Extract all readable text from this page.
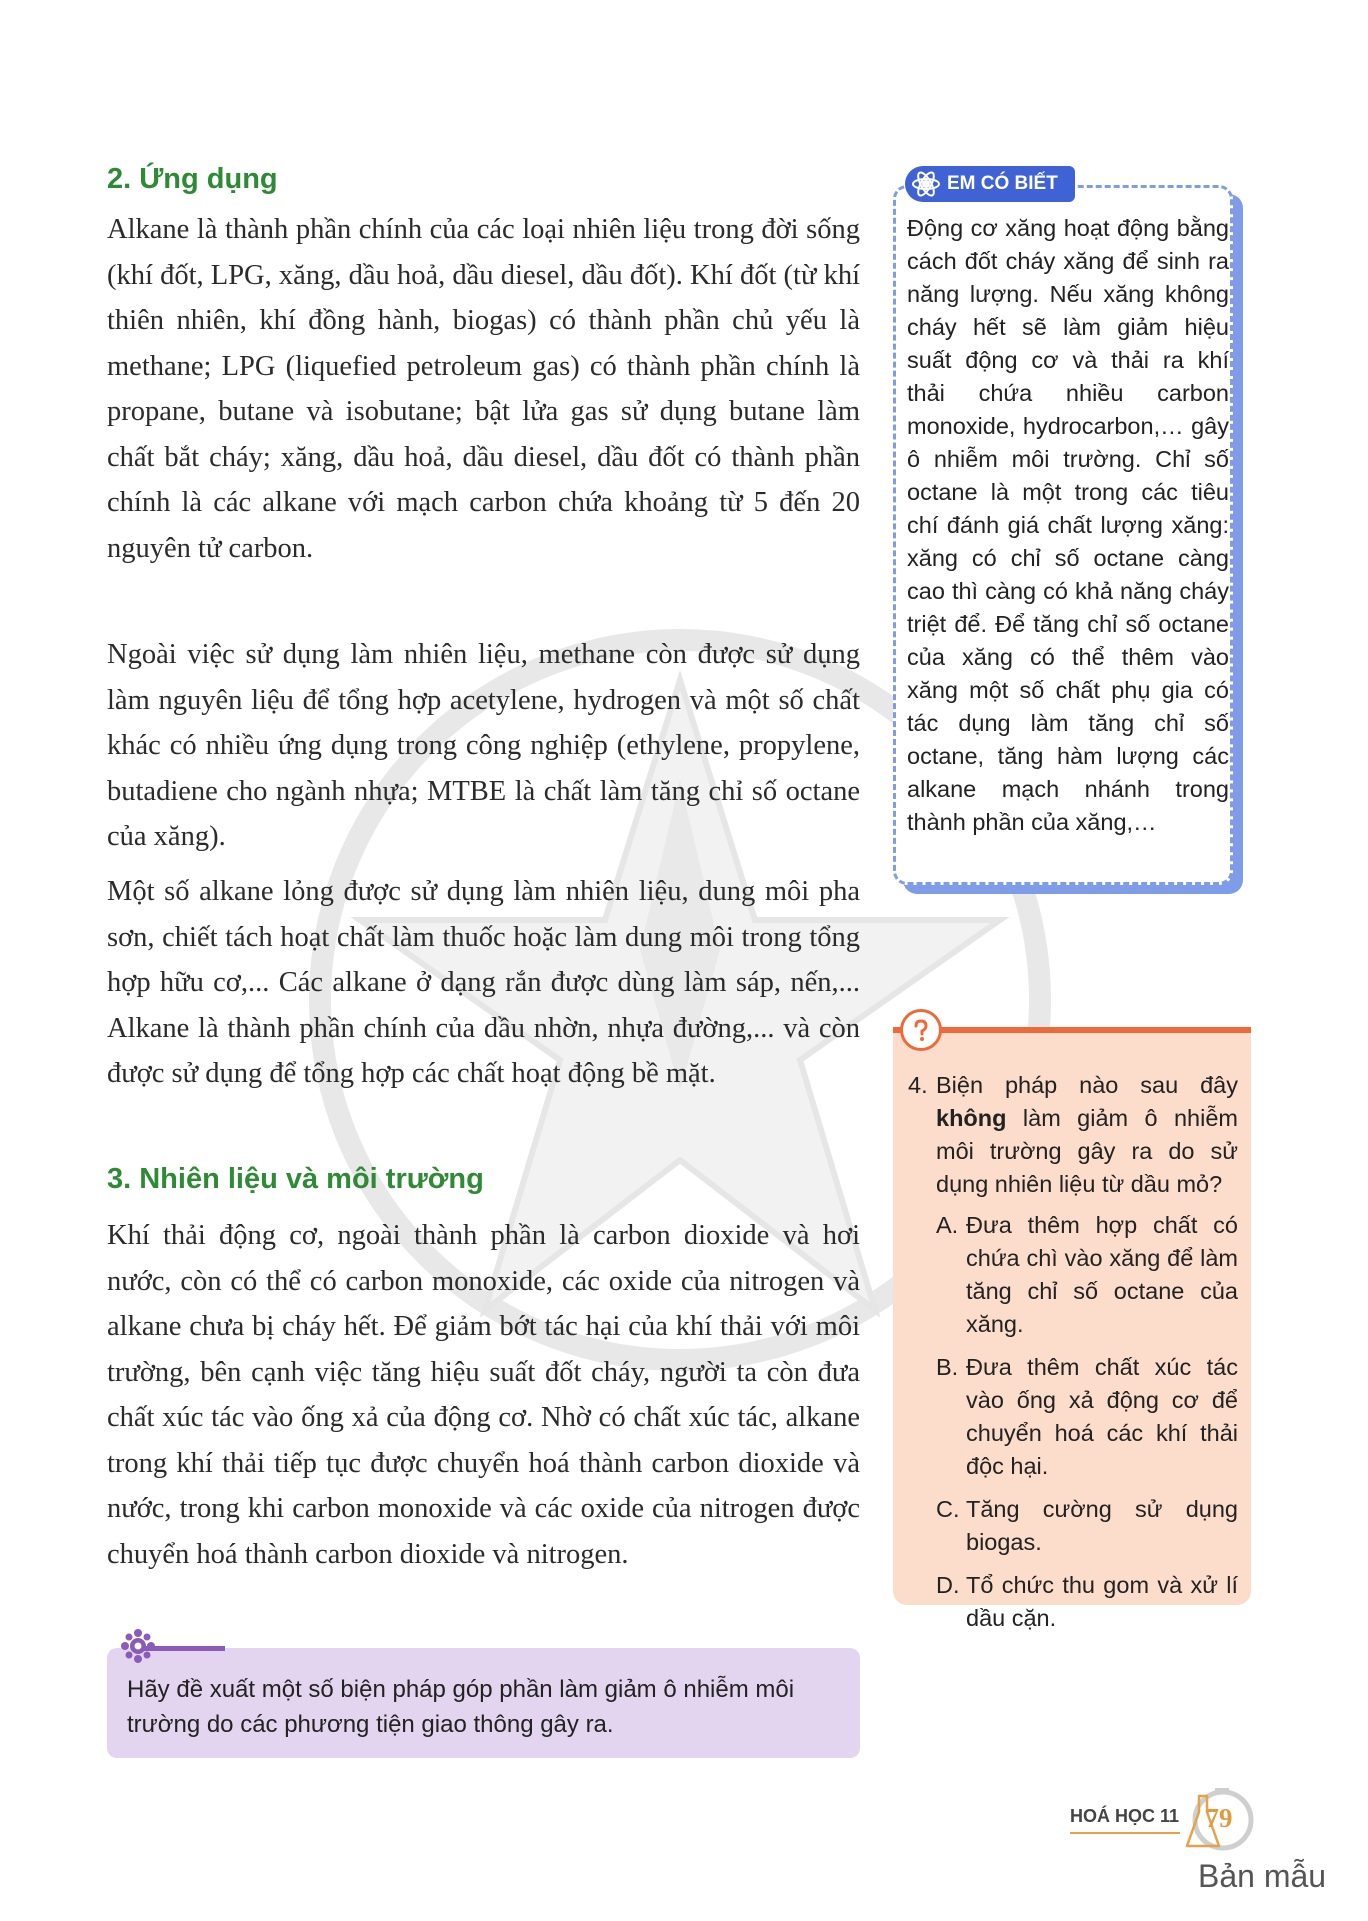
2. Ứng dụng

Alkane là thành phần chính của các loại nhiên liệu trong đời sống (khí đốt, LPG, xăng, dầu hoả, dầu diesel, dầu đốt). Khí đốt (từ khí thiên nhiên, khí đồng hành, biogas) có thành phần chủ yếu là methane; LPG (liquefied petroleum gas) có thành phần chính là propane, butane và isobutane; bật lửa gas sử dụng butane làm chất bắt cháy; xăng, dầu hoả, dầu diesel, dầu đốt có thành phần chính là các alkane với mạch carbon chứa khoảng từ 5 đến 20 nguyên tử carbon.

Ngoài việc sử dụng làm nhiên liệu, methane còn được sử dụng làm nguyên liệu để tổng hợp acetylene, hydrogen và một số chất khác có nhiều ứng dụng trong công nghiệp (ethylene, propylene, butadiene cho ngành nhựa; MTBE là chất làm tăng chỉ số octane của xăng).

Một số alkane lỏng được sử dụng làm nhiên liệu, dung môi pha sơn, chiết tách hoạt chất làm thuốc hoặc làm dung môi trong tổng hợp hữu cơ,... Các alkane ở dạng rắn được dùng làm sáp, nến,... Alkane là thành phần chính của dầu nhờn, nhựa đường,... và còn được sử dụng để tổng hợp các chất hoạt động bề mặt.

3. Nhiên liệu và môi trường

Khí thải động cơ, ngoài thành phần là carbon dioxide và hơi nước, còn có thể có carbon monoxide, các oxide của nitrogen và alkane chưa bị cháy hết. Để giảm bớt tác hại của khí thải với môi trường, bên cạnh việc tăng hiệu suất đốt cháy, người ta còn đưa chất xúc tác vào ống xả của động cơ. Nhờ có chất xúc tác, alkane trong khí thải tiếp tục được chuyển hoá thành carbon dioxide và nước, trong khi carbon monoxide và các oxide của nitrogen được chuyển hoá thành carbon dioxide và nitrogen.

EM CÓ BIẾT

Động cơ xăng hoạt động bằng cách đốt cháy xăng để sinh ra năng lượng. Nếu xăng không cháy hết sẽ làm giảm hiệu suất động cơ và thải ra khí thải chứa nhiều carbon monoxide, hydrocarbon,… gây ô nhiễm môi trường. Chỉ số octane là một trong các tiêu chí đánh giá chất lượng xăng: xăng có chỉ số octane càng cao thì càng có khả năng cháy triệt để. Để tăng chỉ số octane của xăng có thể thêm vào xăng một số chất phụ gia có tác dụng làm tăng chỉ số octane, tăng hàm lượng các alkane mạch nhánh trong thành phần của xăng,…

4. Biện pháp nào sau đây không làm giảm ô nhiễm môi trường gây ra do sử dụng nhiên liệu từ dầu mỏ?
A. Đưa thêm hợp chất có chứa chì vào xăng để làm tăng chỉ số octane của xăng.
B. Đưa thêm chất xúc tác vào ống xả động cơ để chuyển hoá các khí thải độc hại.
C. Tăng cường sử dụng biogas.
D. Tổ chức thu gom và xử lí dầu cặn.

Hãy đề xuất một số biện pháp góp phần làm giảm ô nhiễm môi trường do các phương tiện giao thông gây ra.

HOÁ HỌC 11 79
Bản mẫu
